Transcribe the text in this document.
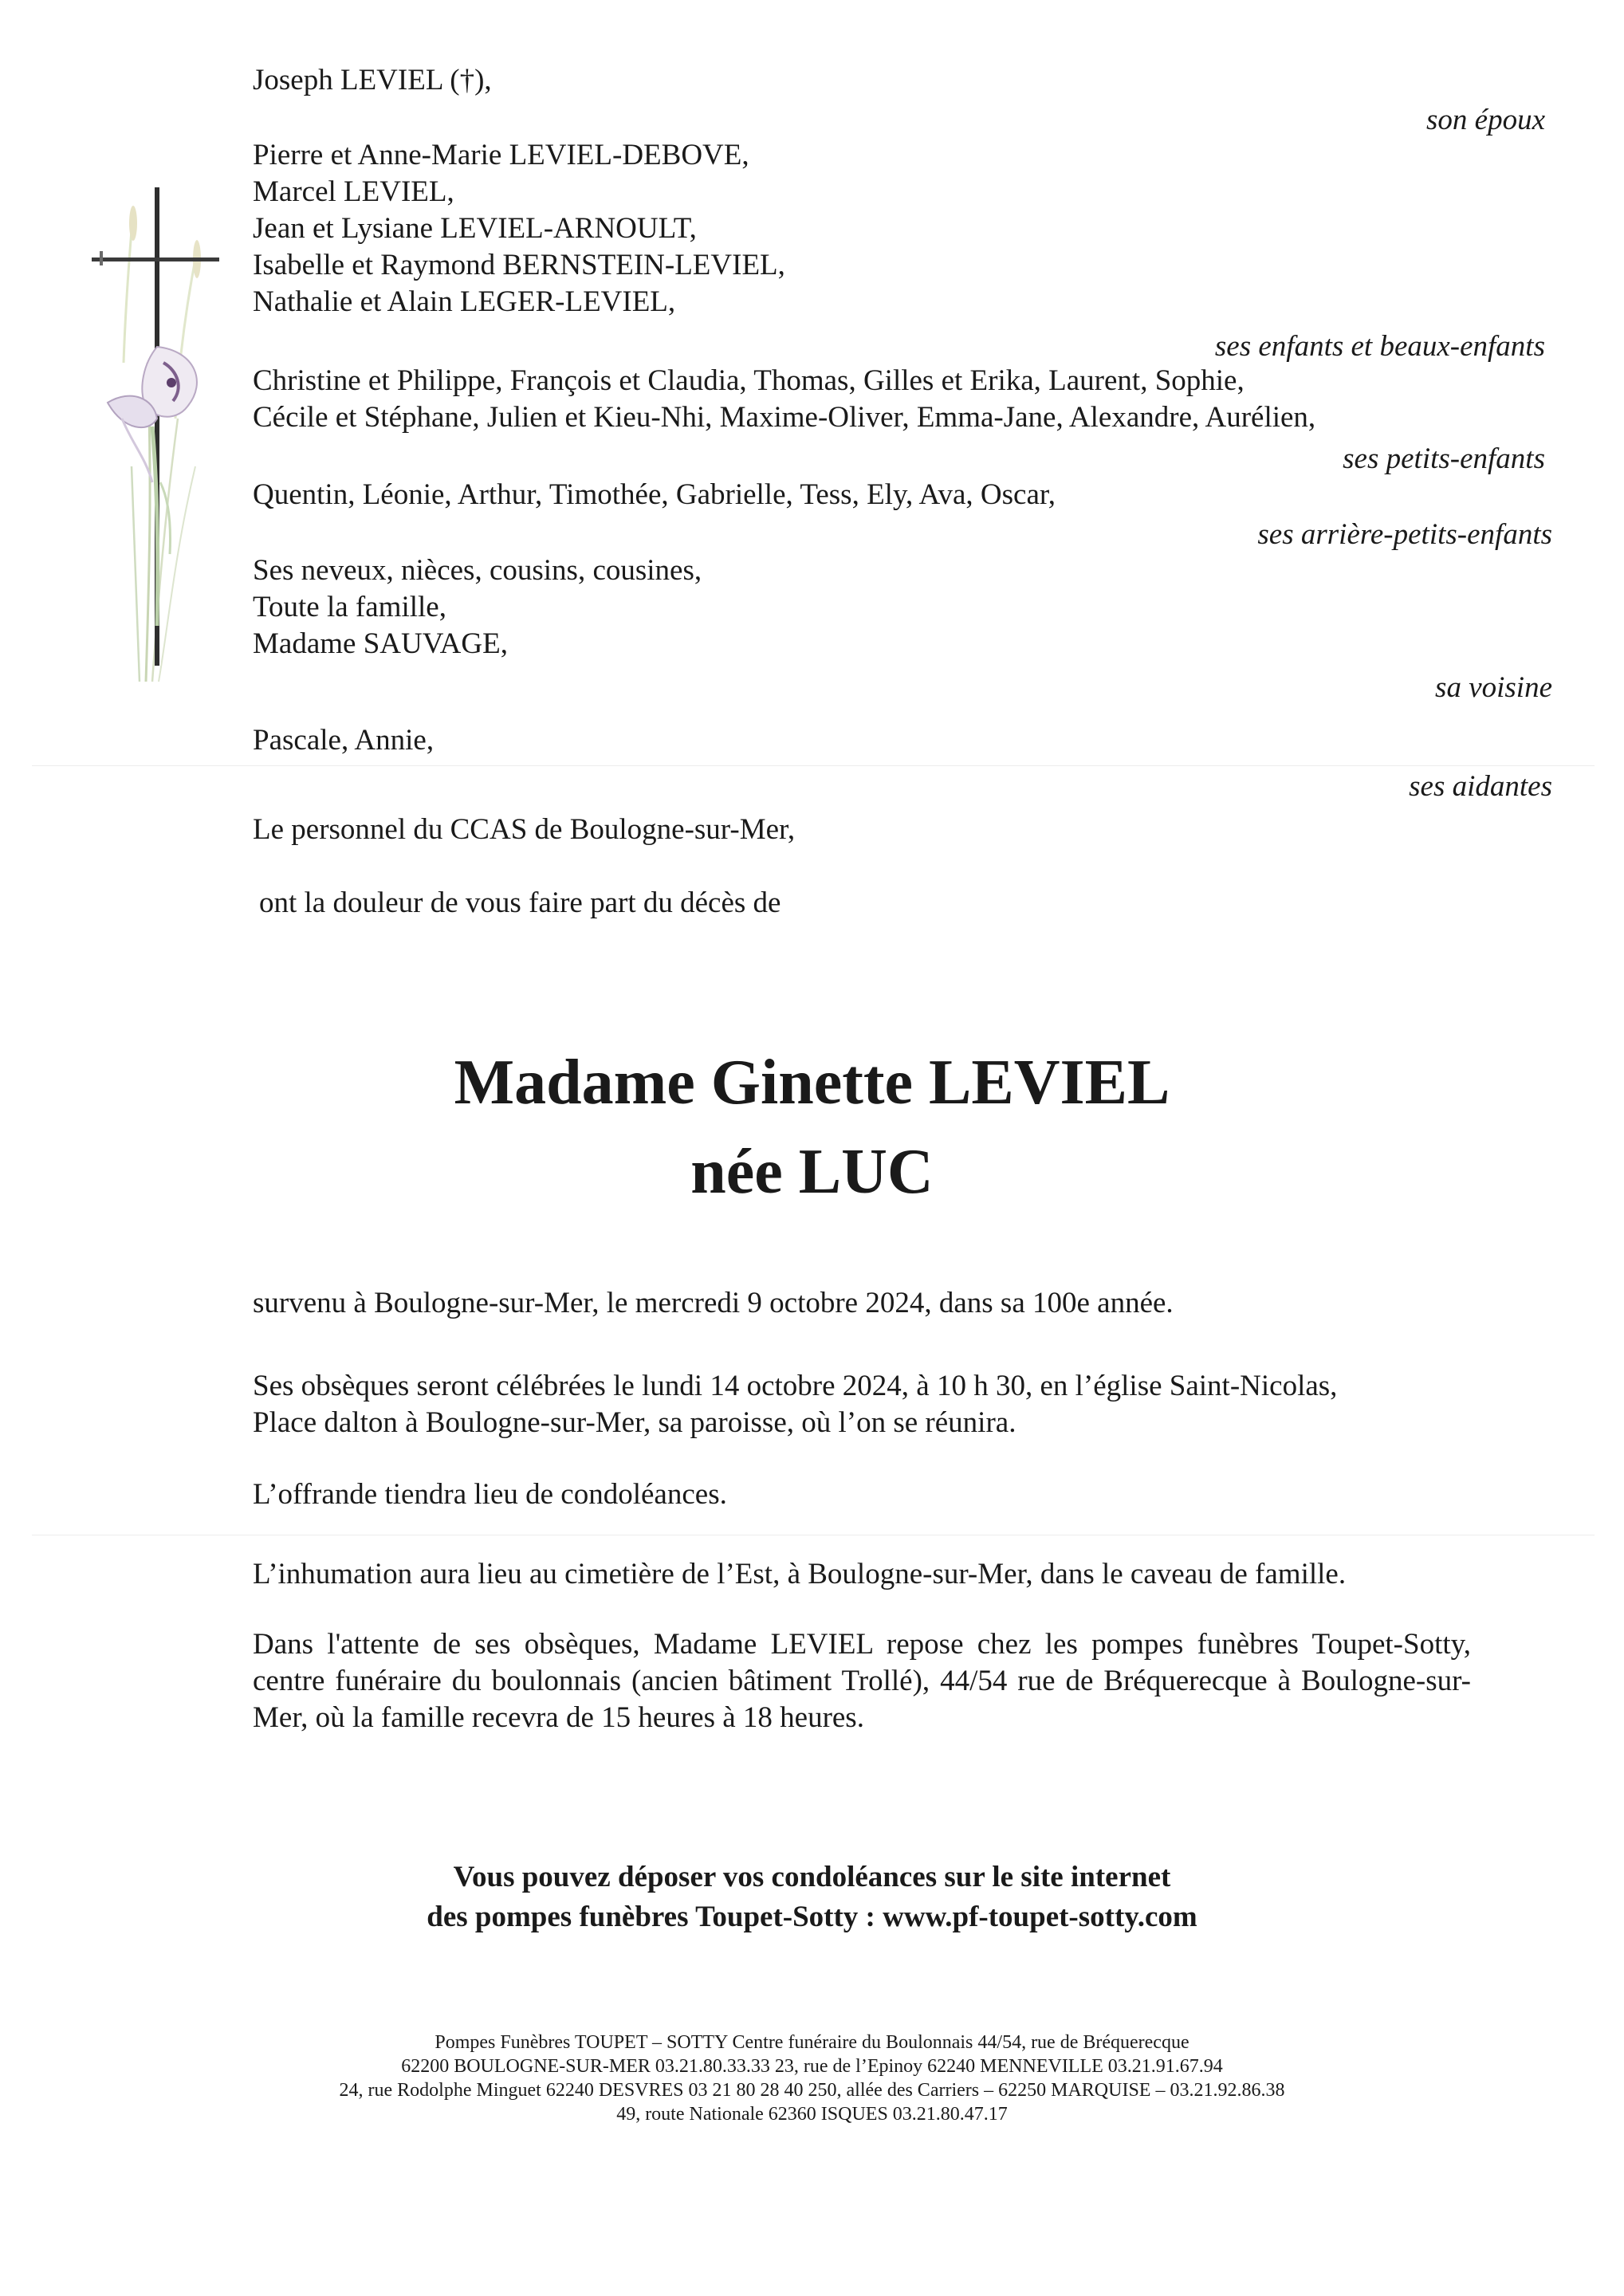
Joseph LEVIEL (†),
son époux
Pierre et Anne-Marie LEVIEL-DEBOVE,
Marcel LEVIEL,
Jean et Lysiane LEVIEL-ARNOULT,
Isabelle et Raymond BERNSTEIN-LEVIEL,
Nathalie et Alain LEGER-LEVIEL,
ses enfants et beaux-enfants
Christine et Philippe, François et Claudia, Thomas, Gilles et Erika, Laurent, Sophie,
Cécile et Stéphane, Julien et Kieu-Nhi, Maxime-Oliver, Emma-Jane, Alexandre, Aurélien,
ses petits-enfants
Quentin, Léonie, Arthur, Timothée, Gabrielle, Tess, Ely, Ava, Oscar,
ses arrière-petits-enfants
Ses neveux, nièces, cousins, cousines,
Toute la famille,
Madame SAUVAGE,
sa voisine
Pascale, Annie,
ses aidantes
Le personnel du CCAS de Boulogne-sur-Mer,
ont la douleur de vous faire part du décès de
Madame Ginette LEVIEL
née LUC
survenu à Boulogne-sur-Mer, le mercredi 9 octobre 2024, dans sa 100e année.
Ses obsèques seront célébrées le lundi 14 octobre 2024, à 10 h 30, en l’église Saint-Nicolas,
Place dalton à Boulogne-sur-Mer, sa paroisse, où l’on se réunira.
L’offrande tiendra lieu de condoléances.
L’inhumation aura lieu au cimetière de l’Est, à Boulogne-sur-Mer, dans le caveau de famille.
Dans l'attente de ses obsèques, Madame LEVIEL repose chez les pompes funèbres Toupet-Sotty, centre funéraire du boulonnais (ancien bâtiment Trollé), 44/54 rue de Bréquerecque à Boulogne-sur-Mer, où la famille recevra de 15 heures à 18 heures.
Vous pouvez déposer vos condoléances sur le site internet
des pompes funèbres Toupet-Sotty : www.pf-toupet-sotty.com
Pompes Funèbres TOUPET – SOTTY Centre funéraire du Boulonnais 44/54, rue de Bréquerecque
62200 BOULOGNE-SUR-MER 03.21.80.33.33 23, rue de l’Epinoy 62240 MENNEVILLE 03.21.91.67.94
24, rue Rodolphe Minguet 62240 DESVRES 03 21 80 28 40 250, allée des Carriers – 62250 MARQUISE – 03.21.92.86.38
49, route Nationale 62360 ISQUES 03.21.80.47.17
